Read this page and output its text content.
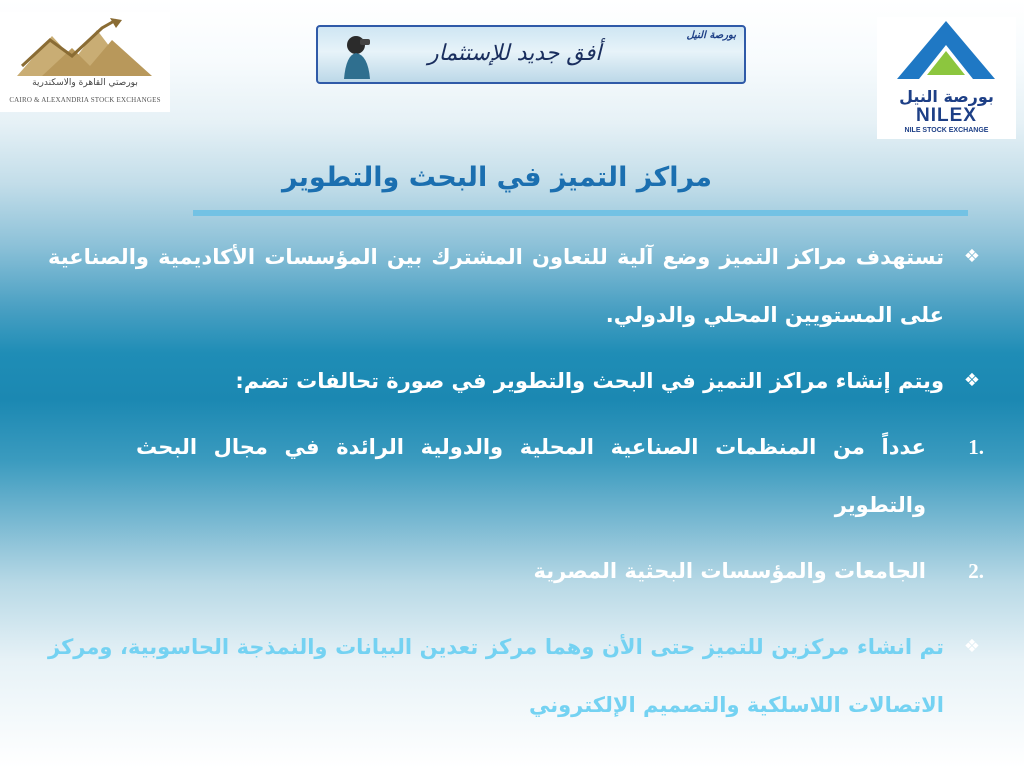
بورصتي القاهرة والاسكندرية
CAIRO & ALEXANDRIA STOCK EXCHANGES
بورصة النيل
أفق جديد للإستثمار
بورصة النيل
NILEX
NILE STOCK EXCHANGE
مراكز التميز في البحث والتطوير
❖
تستهدف مراكز التميز وضع آلية للتعاون المشترك بين المؤسسات الأكاديمية والصناعية على المستويين المحلي والدولي.
❖
ويتم إنشاء مراكز التميز في البحث والتطوير في صورة تحالفات تضم:
1.
عدداً من المنظمات الصناعية المحلية والدولية الرائدة في مجال البحث والتطوير
2.
الجامعات والمؤسسات البحثية المصرية
❖
تم انشاء مركزين للتميز حتى الأن وهما مركز تعدين البيانات والنمذجة الحاسوبية، ومركز الاتصالات اللاسلكية والتصميم الإلكتروني
